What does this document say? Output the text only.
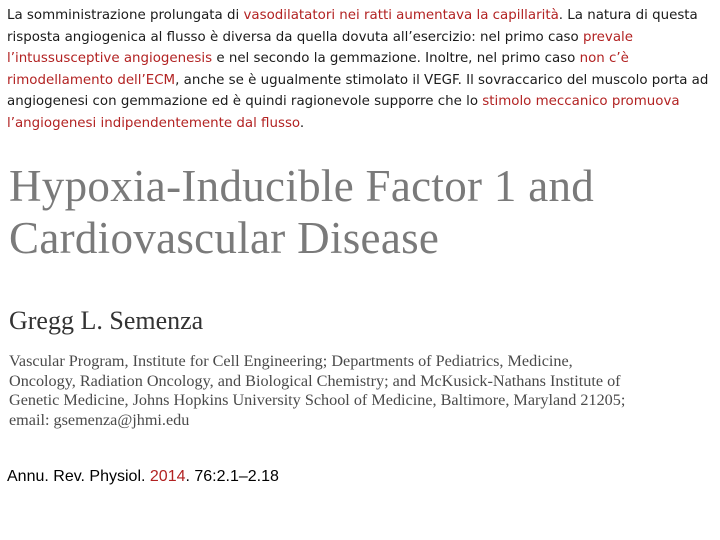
La somministrazione prolungata di vasodilatatori nei ratti aumentava la capillarità. La natura di questa risposta angiogenica al flusso è diversa da quella dovuta all’esercizio: nel primo caso prevale l’intussusceptive angiogenesis e nel secondo la gemmazione. Inoltre, nel primo caso non c’è rimodellamento dell’ECM, anche se è ugualmente stimolato il VEGF. Il sovraccarico del muscolo porta ad angiogenesi con gemmazione ed è quindi ragionevole supporre che lo stimolo meccanico promuova l’angiogenesi indipendentemente dal flusso.

Hypoxia-Inducible Factor 1 and
Cardiovascular Disease

Gregg L. Semenza

Vascular Program, Institute for Cell Engineering; Departments of Pediatrics, Medicine,
Oncology, Radiation Oncology, and Biological Chemistry; and McKusick-Nathans Institute of
Genetic Medicine, Johns Hopkins University School of Medicine, Baltimore, Maryland 21205;
email: gsemenza@jhmi.edu

Annu. Rev. Physiol. 2014. 76:2.1–2.18
